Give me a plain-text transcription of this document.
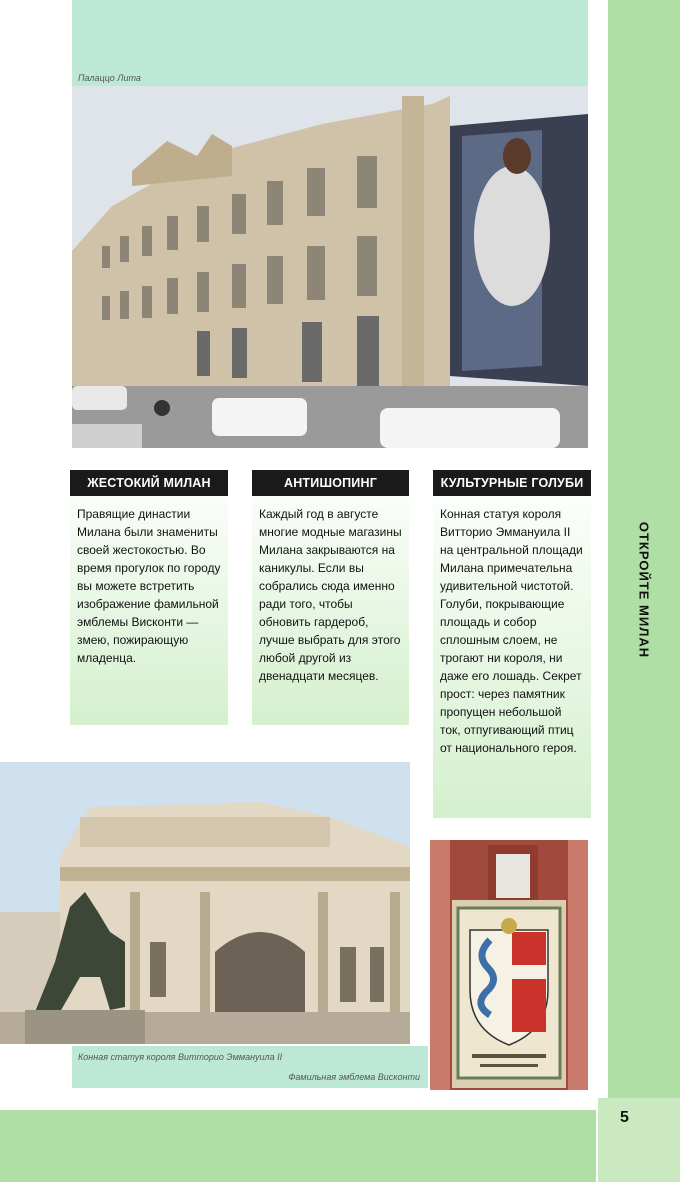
Палаццо Лита
ЖЕСТОКИЙ МИЛАН
Правящие династии Милана были знамениты своей жестокостью. Во время прогулок по городу вы можете встретить изображение фамильной эмблемы Висконти — змею, пожирающую младенца.
АНТИШОПИНГ
Каждый год в августе многие модные магазины Милана закрываются на каникулы. Если вы собрались сюда именно ради того, чтобы обновить гардероб, лучше выбрать для этого любой другой из двенадцати месяцев.
КУЛЬТУРНЫЕ ГОЛУБИ
Конная статуя короля Витторио Эммануила II на центральной площади Милана примечательна удивительной чистотой. Голуби, покрывающие площадь и собор сплошным слоем, не трогают ни короля, ни даже его лошадь. Секрет прост: через памятник пропущен небольшой ток, отпугивающий птиц от национального героя.
Конная статуя короля Витторио Эммануила II
Фамильная эмблема Висконти
ОТКРОЙТЕ МИЛАН
5
